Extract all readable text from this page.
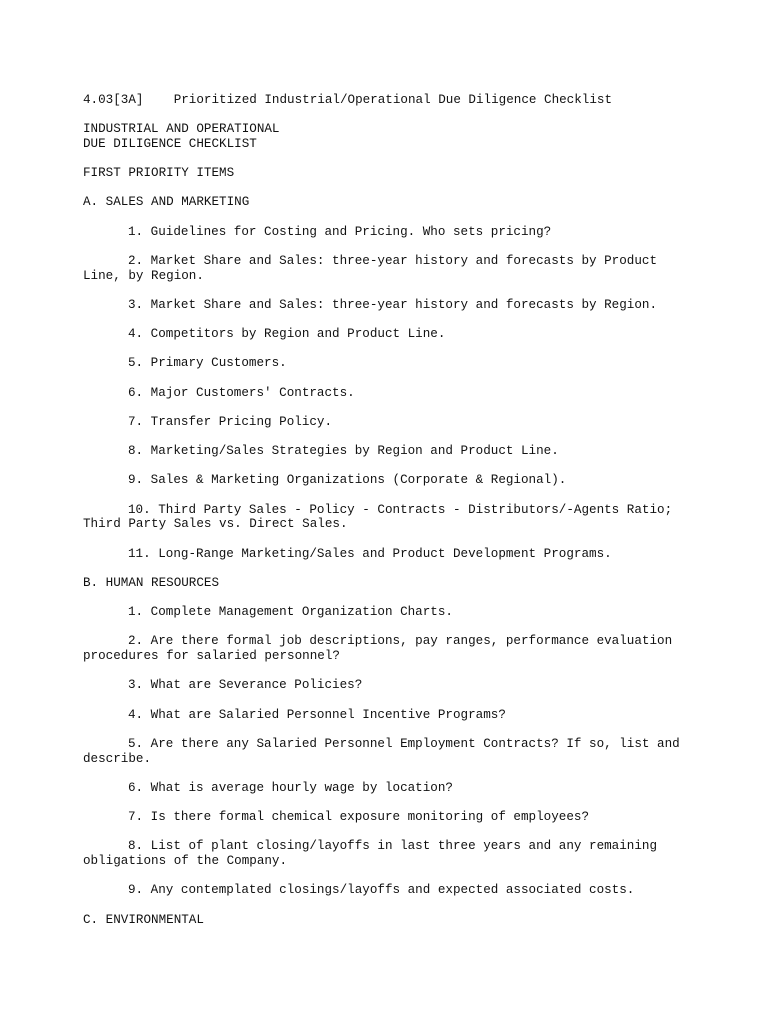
4.03[3A]    Prioritized Industrial/Operational Due Diligence Checklist

INDUSTRIAL AND OPERATIONAL

DUE DILIGENCE CHECKLIST

FIRST PRIORITY ITEMS

A. SALES AND MARKETING

1. Guidelines for Costing and Pricing. Who sets pricing?

2. Market Share and Sales: three-year history and forecasts by Product Line, by Region.

3. Market Share and Sales: three-year history and forecasts by Region.

4. Competitors by Region and Product Line.

5. Primary Customers.

6. Major Customers' Contracts.

7. Transfer Pricing Policy.

8. Marketing/Sales Strategies by Region and Product Line.

9. Sales & Marketing Organizations (Corporate & Regional).

10. Third Party Sales - Policy - Contracts - Distributors/-Agents Ratio; Third Party Sales vs. Direct Sales.

11. Long-Range Marketing/Sales and Product Development Programs.

B. HUMAN RESOURCES

1. Complete Management Organization Charts.

2. Are there formal job descriptions, pay ranges, performance evaluation procedures for salaried personnel?

3. What are Severance Policies?

4. What are Salaried Personnel Incentive Programs?

5. Are there any Salaried Personnel Employment Contracts? If so, list and describe.

6. What is average hourly wage by location?

7. Is there formal chemical exposure monitoring of employees?

8. List of plant closing/layoffs in last three years and any remaining obligations of the Company.

9. Any contemplated closings/layoffs and expected associated costs.

C. ENVIRONMENTAL
